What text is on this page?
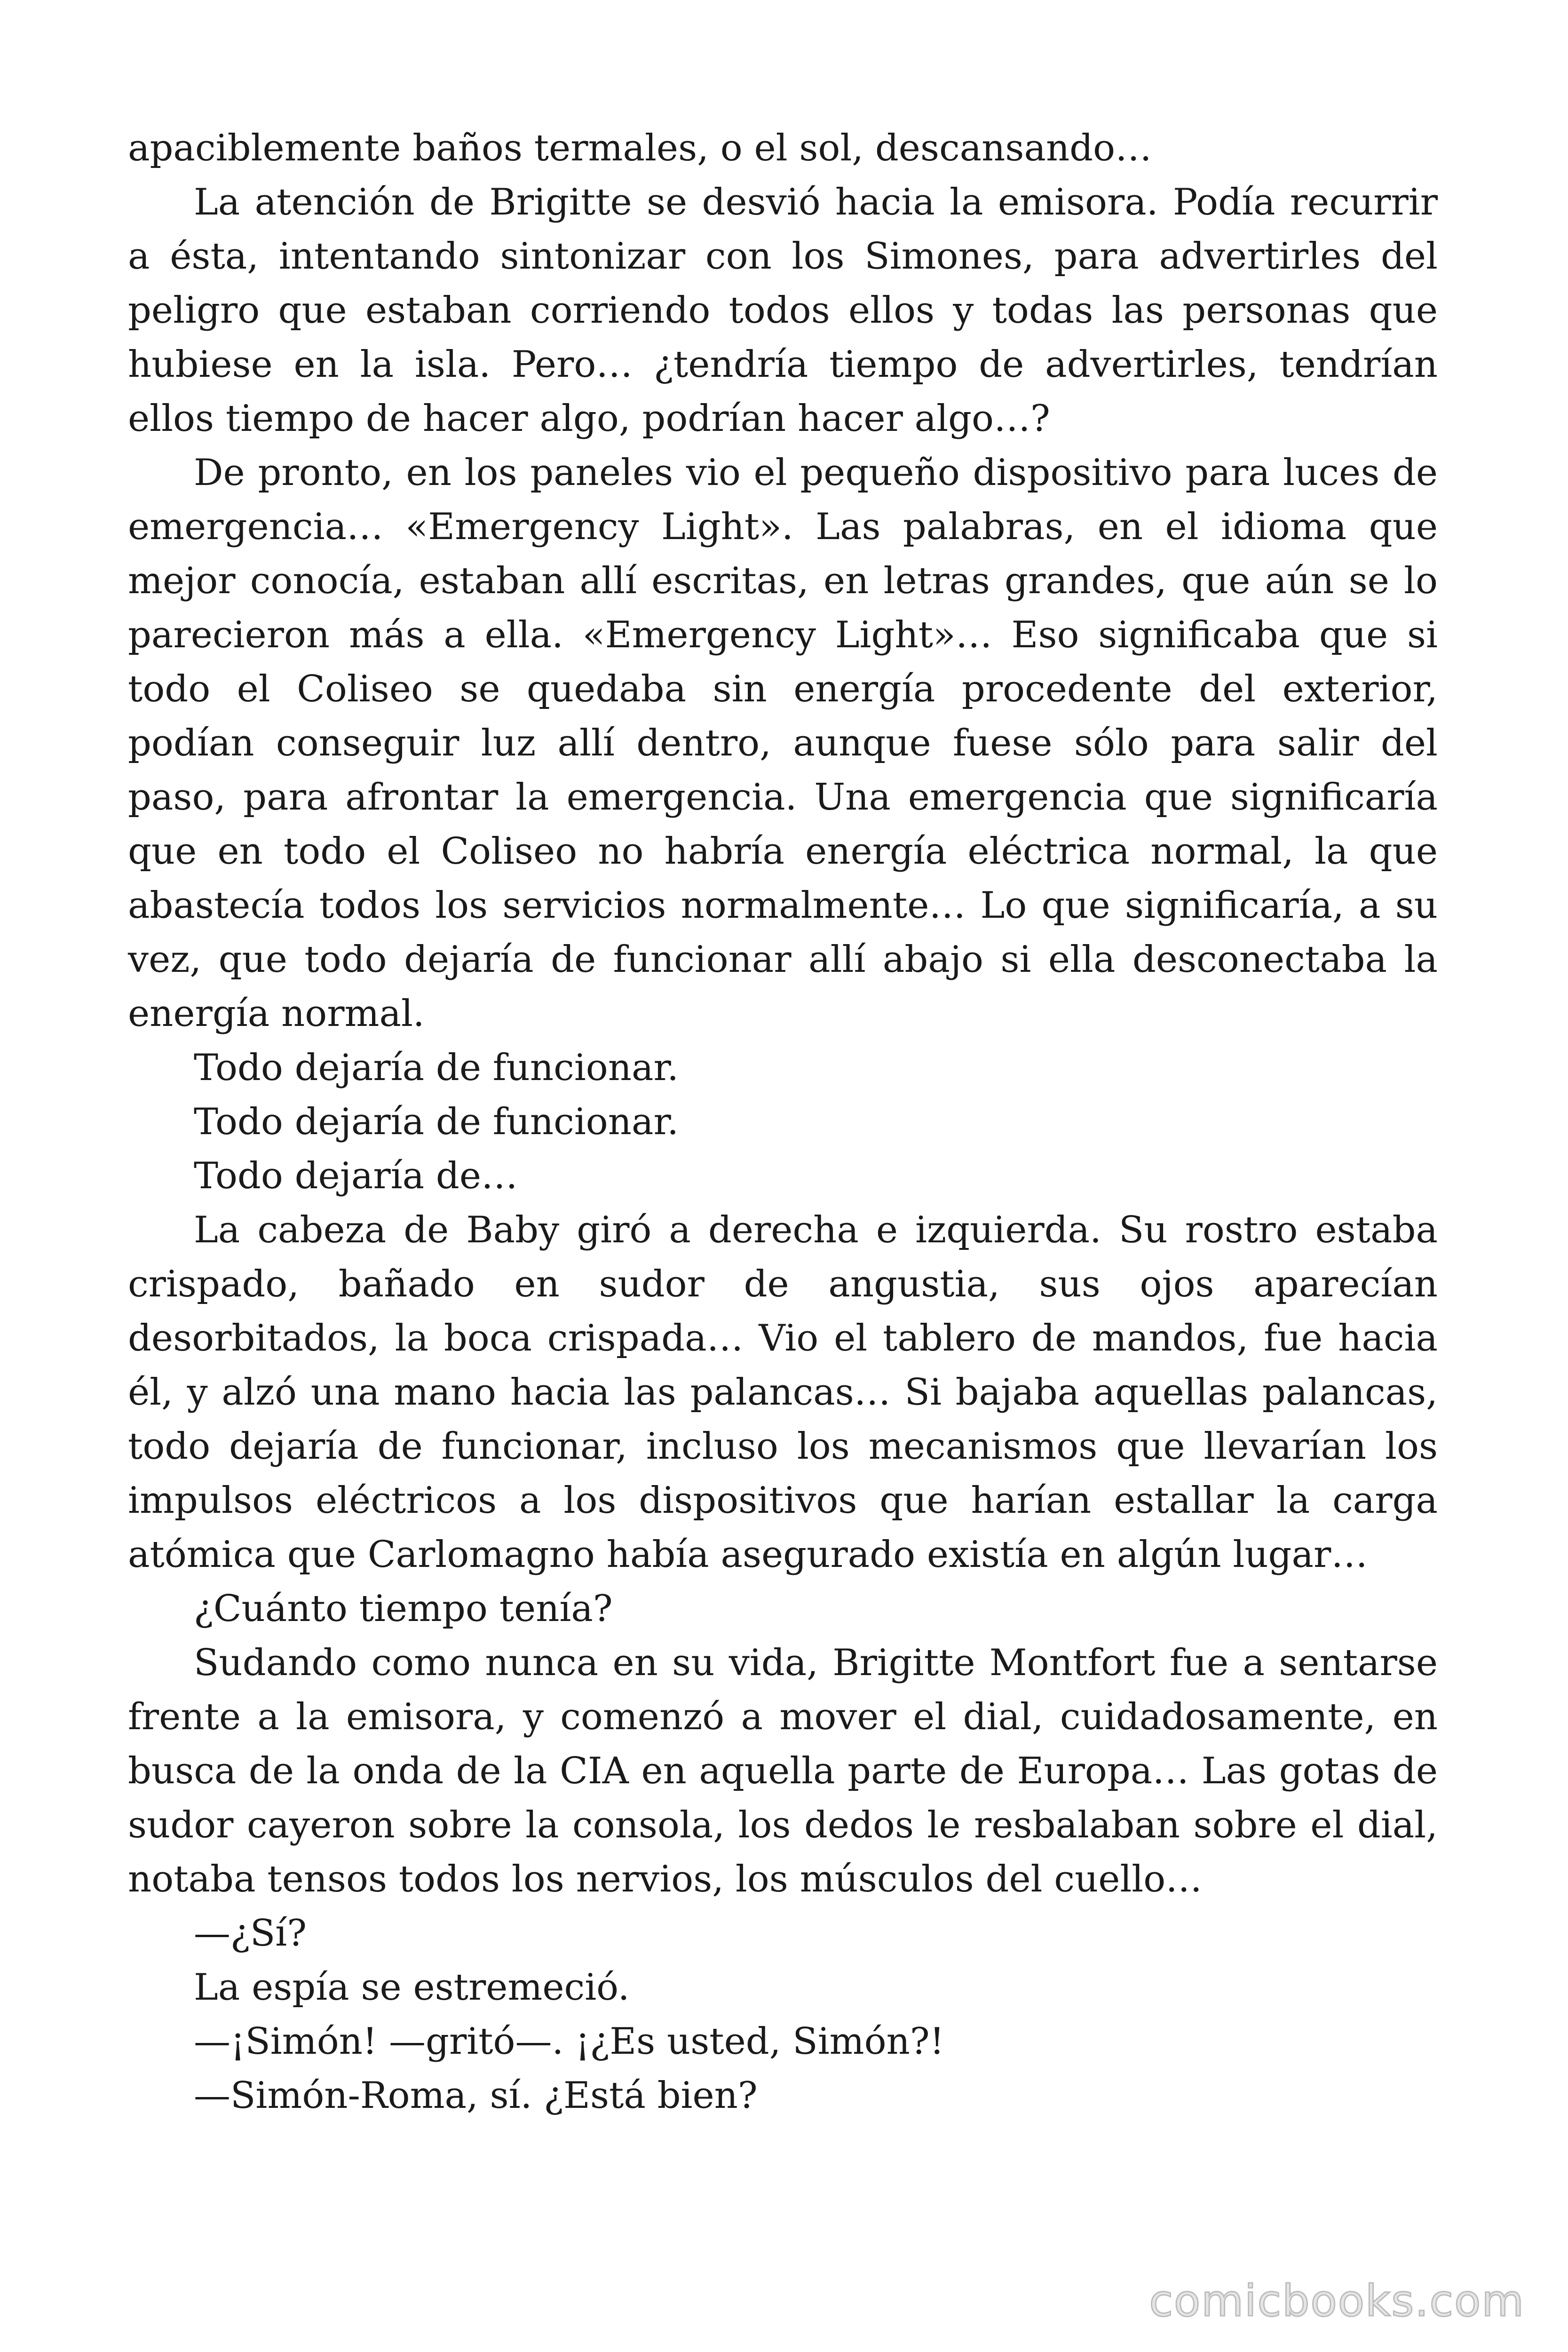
apaciblemente baños termales, o el sol, descansando…

La atención de Brigitte se desvió hacia la emisora. Podía recurrir a ésta, intentando sintonizar con los Simones, para advertirles del peligro que estaban corriendo todos ellos y todas las personas que hubiese en la isla. Pero… ¿tendría tiempo de advertirles, tendrían ellos tiempo de hacer algo, podrían hacer algo…?

De pronto, en los paneles vio el pequeño dispositivo para luces de emergencia… «Emergency Light». Las palabras, en el idioma que mejor conocía, estaban allí escritas, en letras grandes, que aún se lo parecieron más a ella. «Emergency Light»… Eso significaba que si todo el Coliseo se quedaba sin energía procedente del exterior, podían conseguir luz allí dentro, aunque fuese sólo para salir del paso, para afrontar la emergencia. Una emergencia que significaría que en todo el Coliseo no habría energía eléctrica normal, la que abastecía todos los servicios normalmente… Lo que significaría, a su vez, que todo dejaría de funcionar allí abajo si ella desconectaba la energía normal.

Todo dejaría de funcionar.

Todo dejaría de funcionar.

Todo dejaría de…

La cabeza de Baby giró a derecha e izquierda. Su rostro estaba crispado, bañado en sudor de angustia, sus ojos aparecían desorbitados, la boca crispada… Vio el tablero de mandos, fue hacia él, y alzó una mano hacia las palancas… Si bajaba aquellas palancas, todo dejaría de funcionar, incluso los mecanismos que llevarían los impulsos eléctricos a los dispositivos que harían estallar la carga atómica que Carlomagno había asegurado existía en algún lugar…

¿Cuánto tiempo tenía?

Sudando como nunca en su vida, Brigitte Montfort fue a sentarse frente a la emisora, y comenzó a mover el dial, cuidadosamente, en busca de la onda de la CIA en aquella parte de Europa… Las gotas de sudor cayeron sobre la consola, los dedos le resbalaban sobre el dial, notaba tensos todos los nervios, los músculos del cuello…

—¿Sí?

La espía se estremeció.

—¡Simón! —gritó—. ¡¿Es usted, Simón?!

—Simón-Roma, sí. ¿Está bien?

comicbooks.com
